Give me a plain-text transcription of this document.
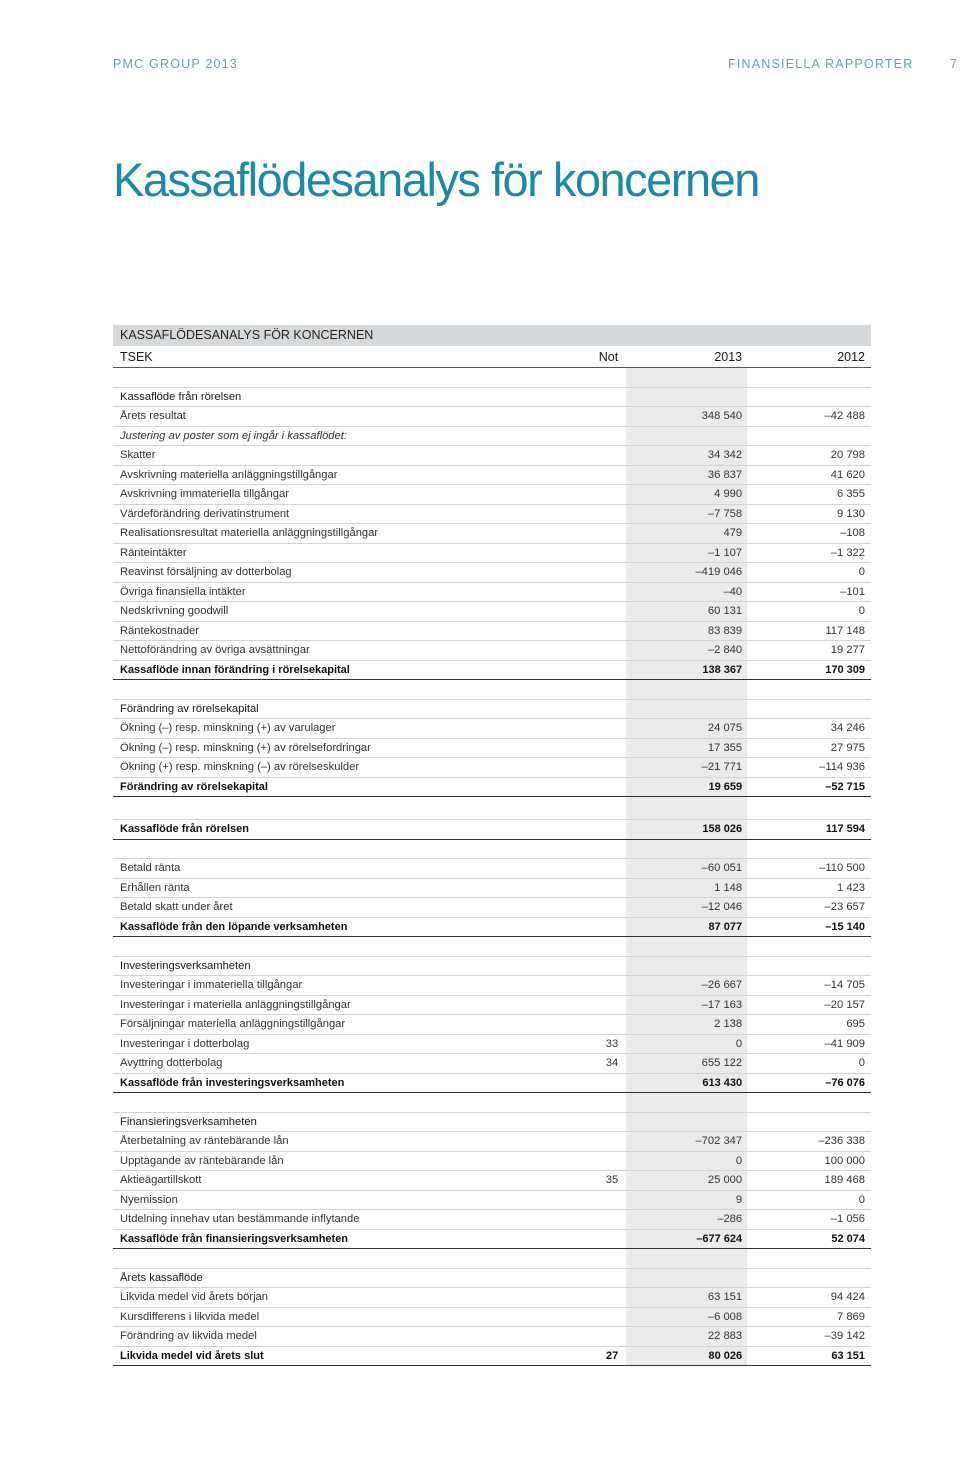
PMC GROUP 2013	FINANSIELLA RAPPORTER	7
Kassaflödesanalys för koncernen
KASSAFLÖDESANALYS FÖR KONCERNEN
TSEK	Not	2013	2012
Kassaflöde från rörelsen
Årets resultat	348 540	–42 488
Justering av poster som ej ingår i kassaflödet:
Skatter	34 342	20 798
Avskrivning materiella anläggningstillgångar	36 837	41 620
Avskrivning immateriella tillgångar	4 990	6 355
Värdeförändring derivatinstrument	–7 758	9 130
Realisationsresultat materiella anläggningstillgångar	479	–108
Ränteintäkter	–1 107	–1 322
Reavinst försäljning av dotterbolag	–419 046	0
Övriga finansiella intäkter	–40	–101
Nedskrivning goodwill	60 131	0
Räntekostnader	83 839	117 148
Nettoförändring av övriga avsättningar	–2 840	19 277
Kassaflöde innan förändring i rörelsekapital	138 367	170 309
Förändring av rörelsekapital
Ökning (–) resp. minskning (+) av varulager	24 075	34 246
Ökning (–) resp. minskning (+) av rörelsefordringar	17 355	27 975
Ökning (+) resp. minskning (–) av rörelseskulder	–21 771	–114 936
Förändring av rörelsekapital	19 659	–52 715
Kassaflöde från rörelsen	158 026	117 594
Betald ränta	–60 051	–110 500
Erhållen ränta	1 148	1 423
Betald skatt under året	–12 046	–23 657
Kassaflöde från den löpande verksamheten	87 077	–15 140
Investeringsverksamheten
Investeringar i immateriella tillgångar	–26 667	–14 705
Investeringar i materiella anläggningstillgångar	–17 163	–20 157
Försäljningar materiella anläggningstillgångar	2 138	695
Investeringar i dotterbolag	33	0	–41 909
Avyttring dotterbolag	34	655 122	0
Kassaflöde från investeringsverksamheten	613 430	–76 076
Finansieringsverksamheten
Återbetalning av räntebärande lån	–702 347	–236 338
Upptagande av räntebärande lån	0	100 000
Aktieägartillskott	35	25 000	189 468
Nyemission	9	0
Utdelning innehav utan bestämmande inflytande	–286	–1 056
Kassaflöde från finansieringsverksamheten	–677 624	52 074
Årets kassaflöde
Likvida medel vid årets början	63 151	94 424
Kursdifferens i likvida medel	–6 008	7 869
Förändring av likvida medel	22 883	–39 142
Likvida medel vid årets slut	27	80 026	63 151
